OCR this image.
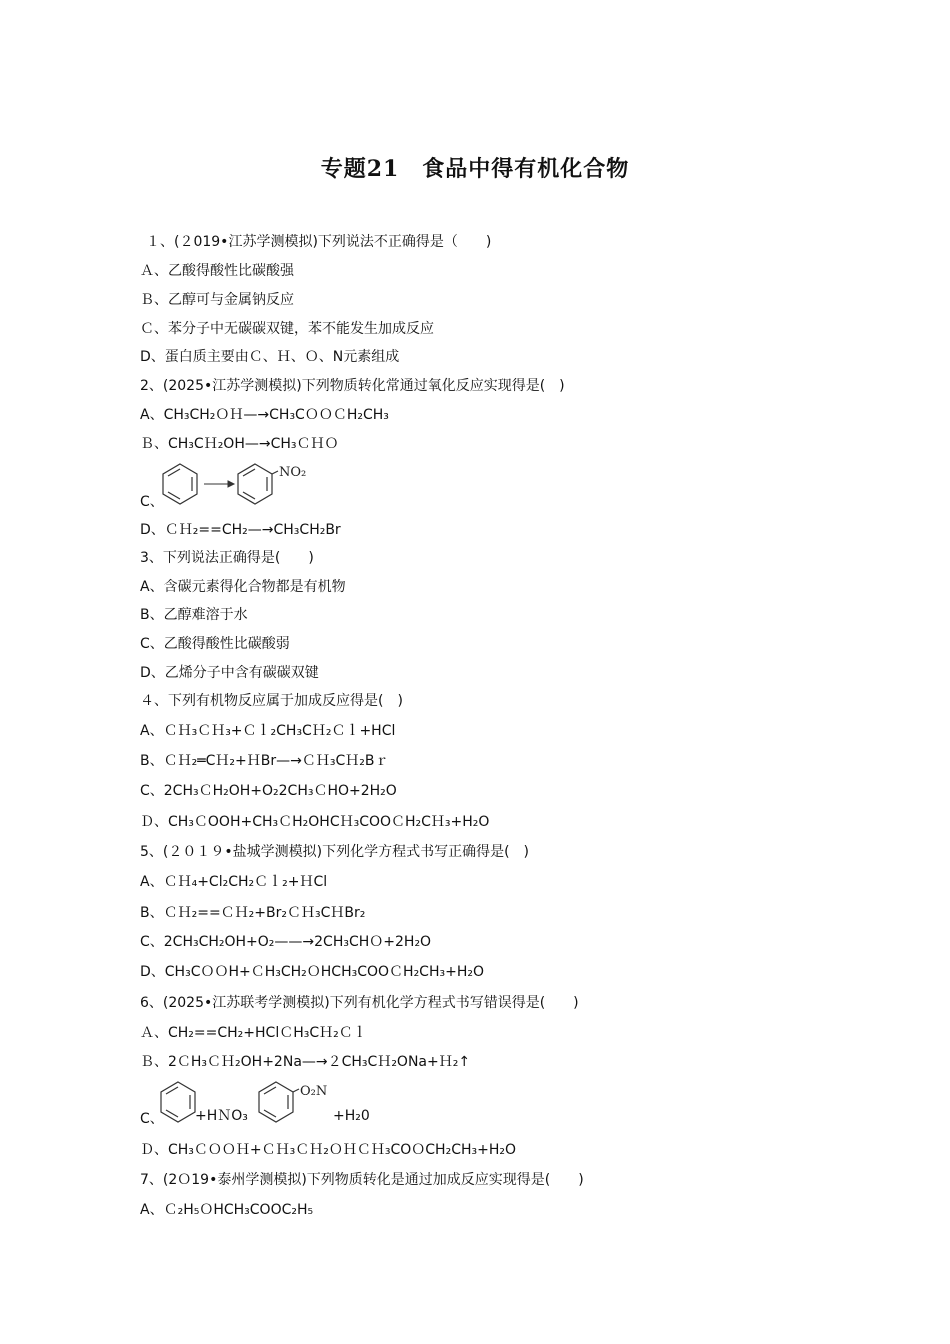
专题21　食品中得有机化合物
１、(２019•江苏学测模拟)下列说法不正确得是（　　)
Ａ、乙酸得酸性比碳酸强
Ｂ、乙醇可与金属钠反应
Ｃ、苯分子中无碳碳双键，苯不能发生加成反应
D、蛋白质主要由Ｃ、Ｈ、Ｏ、N元素组成
2、(2025•江苏学测模拟)下列物质转化常通过氧化反应实现得是(　)
A、CH₃CH₂ＯＨ—→CH₃CＯＯＣH₂CH₃
Ｂ、CH₃CＨ₂OH—→CH₃ＣＨＯ
C、
NO₂
D、ＣＨ₂==CH₂—→CH₃CH₂Br
3、下列说法正确得是(　　)
A、含碳元素得化合物都是有机物
B、乙醇难溶于水
C、乙酸得酸性比碳酸弱
D、乙烯分子中含有碳碳双键
４、下列有机物反应属于加成反应得是(　)
A、ＣＨ₃ＣＨ₃+Ｃｌ₂CH₃CＨ₂Ｃｌ+HCl
B、ＣＨ₂═CＨ₂+ＨBr—→ＣＨ₃CＨ₂Bｒ
C、2CH₃ＣH₂OH+O₂2CH₃ＣHO+2H₂O
Ｄ、CH₃ＣOOH+CH₃ＣH₂OHCＨ₃COOＣH₂CＨ₃+H₂O
5、(２０１９•盐城学测模拟)下列化学方程式书写正确得是(　)
A、ＣＨ₄+Cl₂CH₂Ｃｌ₂+ＨCl
B、ＣＨ₂==ＣＨ₂+Br₂ＣＨ₃CＨBr₂
C、2CH₃CH₂OH+O₂——→2CH₃CHＯ+2H₂O
D、CH₃CＯＯH+ＣH₃CH₂ＯHCH₃COOＣH₂CH₃+H₂O
6、(2025•江苏联考学测模拟)下列有机化学方程式书写错误得是(　　)
Ａ、CH₂==CH₂+HClＣH₃CＨ₂Ｃｌ
Ｂ、2ＣH₃ＣＨ₂OH+2Na—→２CH₃CＨ₂ONa+Ｈ₂↑
C、 +HＮO₃
O₂N
+H₂0
Ｄ、CH₃ＣＯＯＨ+ＣＨ₃ＣＨ₂ＯＨＣＨ₃COＯCH₂CH₃+H₂O
7、(2Ｏ19•泰州学测模拟)下列物质转化是通过加成反应实现得是(　　)
A、Ｃ₂H₅ＯHCH₃COOC₂H₅
